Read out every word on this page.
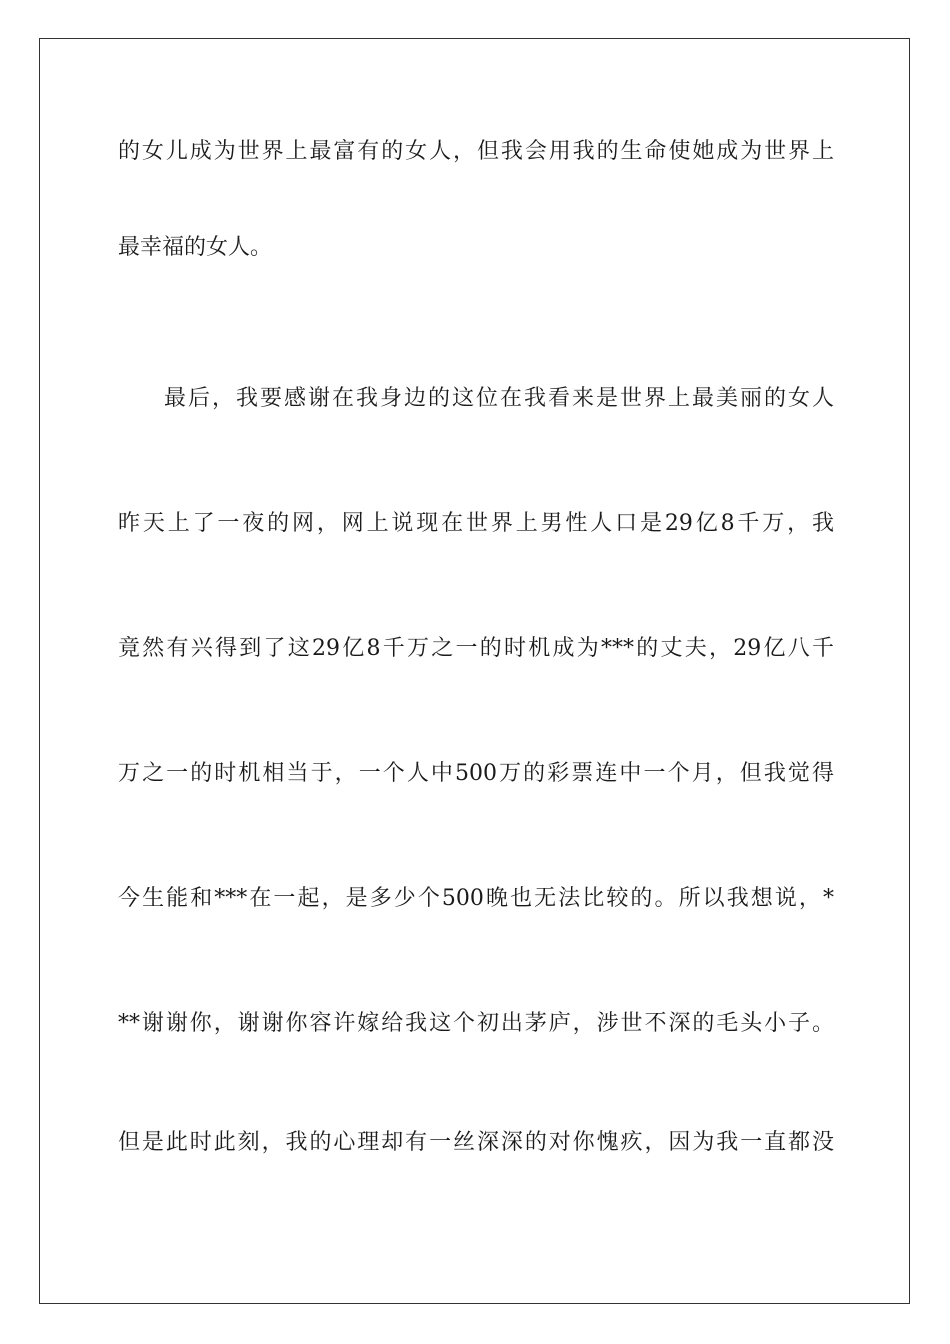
的女儿成为世界上最富有的女人，但我会用我的生命使她成为世界上
最幸福的女人。
最后，我要感谢在我身边的这位在我看来是世界上最美丽的女人
昨天上了一夜的网，网上说现在世界上男性人口是29亿8千万，我
竟然有兴得到了这29亿8千万之一的时机成为***的丈夫，29亿八千
万之一的时机相当于，一个人中500万的彩票连中一个月，但我觉得
今生能和***在一起，是多少个500晚也无法比较的。所以我想说，*
**谢谢你，谢谢你容许嫁给我这个初出茅庐，涉世不深的毛头小子。
但是此时此刻，我的心理却有一丝深深的对你愧疚，因为我一直都没
